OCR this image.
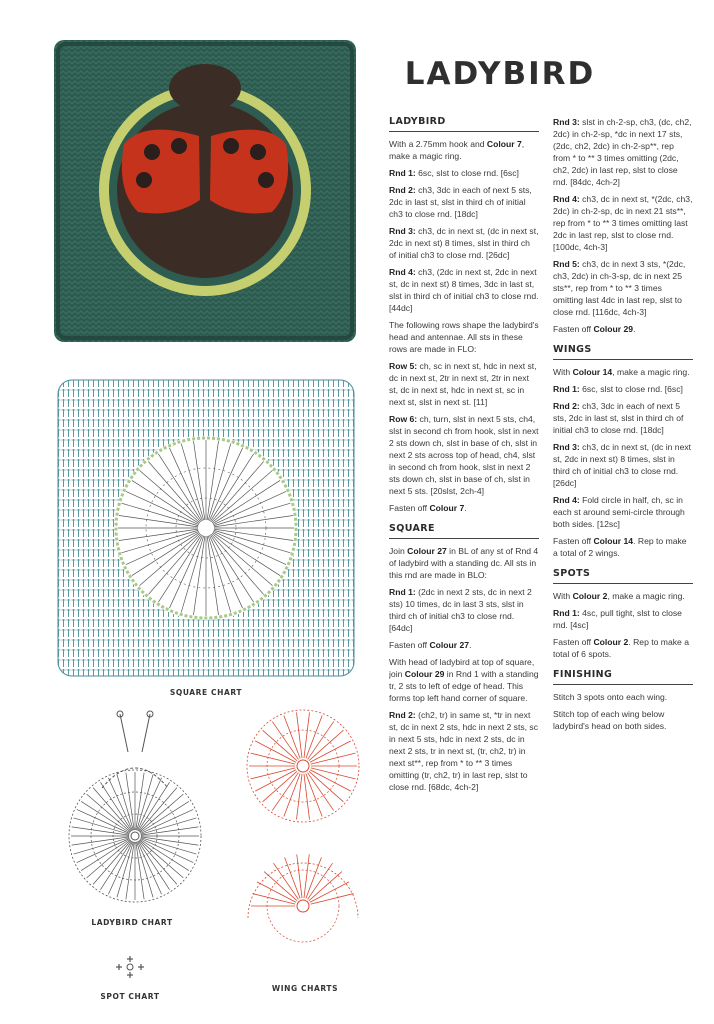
SQUARE CHART
LADYBIRD CHART
SPOT CHART
WING CHARTS
LADYBIRD
LADYBIRD

With a 2.75mm hook and Colour 7, make a magic ring.

Rnd 1: 6sc, slst to close rnd. [6sc]

Rnd 2: ch3, 3dc in each of next 5 sts, 2dc in last st, slst in third ch of initial ch3 to close rnd. [18dc]

Rnd 3: ch3, dc in next st, (dc in next st, 2dc in next st) 8 times, slst in third ch of initial ch3 to close rnd. [26dc]

Rnd 4: ch3, (2dc in next st, 2dc in next st, dc in next st) 8 times, 3dc in last st, slst in third ch of initial ch3 to close rnd. [44dc]

The following rows shape the ladybird's head and antennae. All sts in these rows are made in FLO:

Row 5: ch, sc in next st, hdc in next st, dc in next st, 2tr in next st, 2tr in next st, dc in next st, hdc in next st, sc in next st, slst in next st. [11]

Row 6: ch, turn, slst in next 5 sts, ch4, slst in second ch from hook, slst in next 2 sts down ch, slst in base of ch, slst in next 2 sts across top of head, ch4, slst in second ch from hook, slst in next 2 sts down ch, slst in base of ch, slst in next 5 sts. [20slst, 2ch-4]

Fasten off Colour 7.

SQUARE

Join Colour 27 in BL of any st of Rnd 4 of ladybird with a standing dc. All sts in this rnd are made in BLO:

Rnd 1: (2dc in next 2 sts, dc in next 2 sts) 10 times, dc in last 3 sts, slst in third ch of initial ch3 to close rnd. [64dc]

Fasten off Colour 27.

With head of ladybird at top of square, join Colour 29 in Rnd 1 with a standing tr, 2 sts to left of edge of head. This forms top left hand corner of square.

Rnd 2: (ch2, tr) in same st, *tr in next st, dc in next 2 sts, hdc in next 2 sts, sc in next 5 sts, hdc in next 2 sts, dc in next 2 sts, tr in next st, (tr, ch2, tr) in next st**, rep from * to ** 3 times omitting (tr, ch2, tr) in last rep, slst to close rnd. [68dc, 4ch-2]

Rnd 3: slst in ch-2-sp, ch3, (dc, ch2, 2dc) in ch-2-sp, *dc in next 17 sts, (2dc, ch2, 2dc) in ch-2-sp**, rep from * to ** 3 times omitting (2dc, ch2, 2dc) in last rep, slst to close rnd. [84dc, 4ch-2]

Rnd 4: ch3, dc in next st, *(2dc, ch3, 2dc) in ch-2-sp, dc in next 21 sts**, rep from * to ** 3 times omitting last 2dc in last rep, slst to close rnd. [100dc, 4ch-3]

Rnd 5: ch3, dc in next 3 sts, *(2dc, ch3, 2dc) in ch-3-sp, dc in next 25 sts**, rep from * to ** 3 times omitting last 4dc in last rep, slst to close rnd. [116dc, 4ch-3]

Fasten off Colour 29.

WINGS

With Colour 14, make a magic ring.

Rnd 1: 6sc, slst to close rnd. [6sc]

Rnd 2: ch3, 3dc in each of next 5 sts, 2dc in last st, slst in third ch of initial ch3 to close rnd. [18dc]

Rnd 3: ch3, dc in next st, (dc in next st, 2dc in next st) 8 times, slst in third ch of initial ch3 to close rnd. [26dc]

Rnd 4: Fold circle in half, ch, sc in each st around semi-circle through both sides. [12sc]

Fasten off Colour 14. Rep to make a total of 2 wings.

SPOTS

With Colour 2, make a magic ring.

Rnd 1: 4sc, pull tight, slst to close rnd. [4sc]

Fasten off Colour 2. Rep to make a total of 6 spots.

FINISHING

Stitch 3 spots onto each wing.

Stitch top of each wing below ladybird's head on both sides.
